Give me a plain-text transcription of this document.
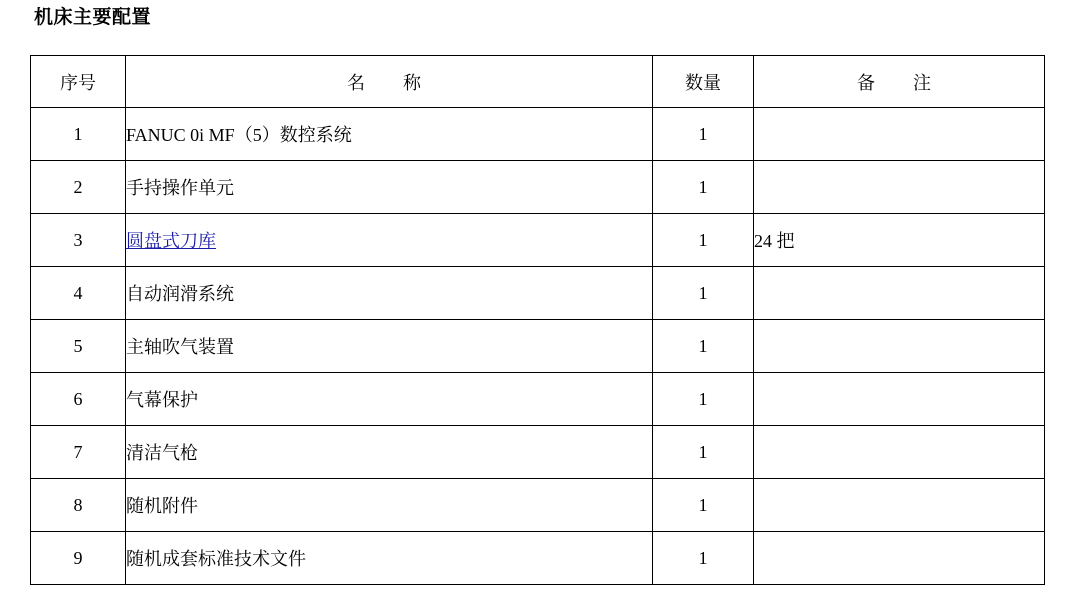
机床主要配置
序号	名　称	数量	备　注
1	FANUC 0i MF（5）数控系统	1	
2	手持操作单元	1	
3	圆盘式刀库	1	24 把
4	自动润滑系统	1	
5	主轴吹气装置	1	
6	气幕保护	1	
7	清洁气枪	1	
8	随机附件	1	
9	随机成套标准技术文件	1	
